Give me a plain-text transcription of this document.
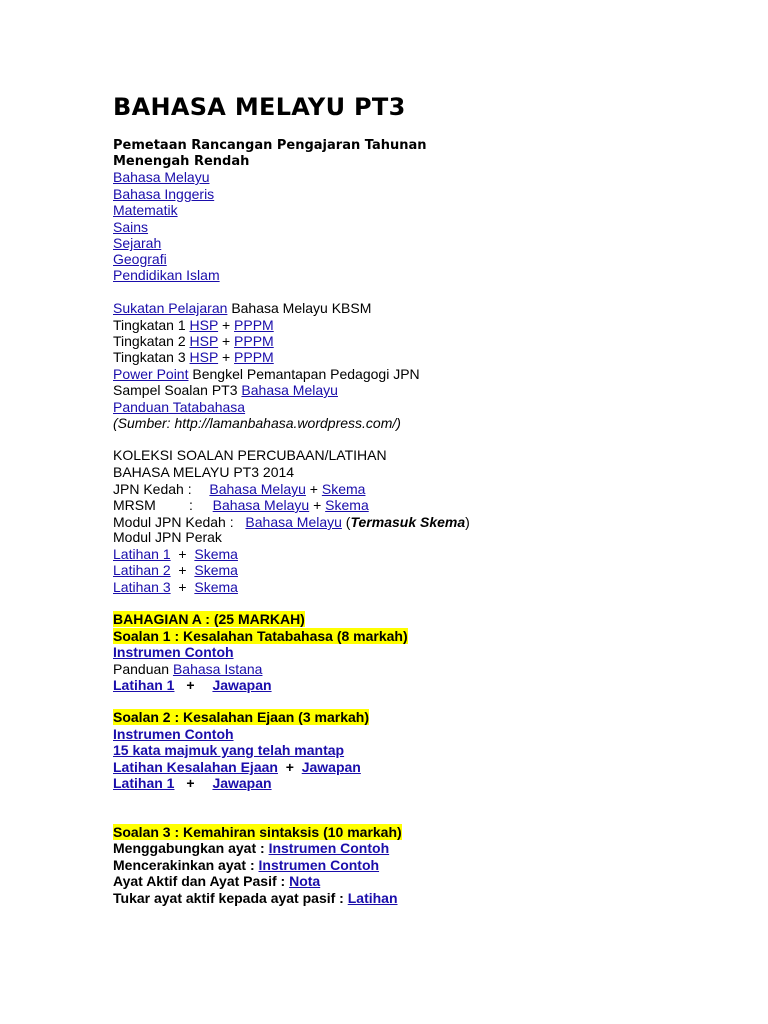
BAHASA MELAYU PT3
Pemetaan Rancangan Pengajaran Tahunan
Menengah Rendah
Bahasa Melayu
Bahasa Inggeris
Matematik
Sains
Sejarah
Geografi
Pendidikan Islam
Sukatan Pelajaran Bahasa Melayu KBSM
Tingkatan 1 HSP + PPPM
Tingkatan 2 HSP + PPPM
Tingkatan 3 HSP + PPPM
Power Point Bengkel Pemantapan Pedagogi JPN
Sampel Soalan PT3 Bahasa Melayu
Panduan Tatabahasa
(Sumber: http://lamanbahasa.wordpress.com/)
KOLEKSI SOALAN PERCUBAAN/LATIHAN
BAHASA MELAYU PT3 2014
JPN Kedah : Bahasa Melayu + Skema
MRSM : Bahasa Melayu + Skema
Modul JPN Kedah : Bahasa Melayu (Termasuk Skema)
Modul JPN Perak
Latihan 1 + Skema
Latihan 2 + Skema
Latihan 3 + Skema
BAHAGIAN A : (25 MARKAH)
Soalan 1 : Kesalahan Tatabahasa (8 markah)
Instrumen Contoh
Panduan Bahasa Istana
Latihan 1 + Jawapan
Soalan 2 : Kesalahan Ejaan (3 markah)
Instrumen Contoh
15 kata majmuk yang telah mantap
Latihan Kesalahan Ejaan + Jawapan
Latihan 1 + Jawapan
Soalan 3 : Kemahiran sintaksis (10 markah)
Menggabungkan ayat : Instrumen Contoh
Mencerakinkan ayat : Instrumen Contoh
Ayat Aktif dan Ayat Pasif : Nota
Tukar ayat aktif kepada ayat pasif : Latihan
